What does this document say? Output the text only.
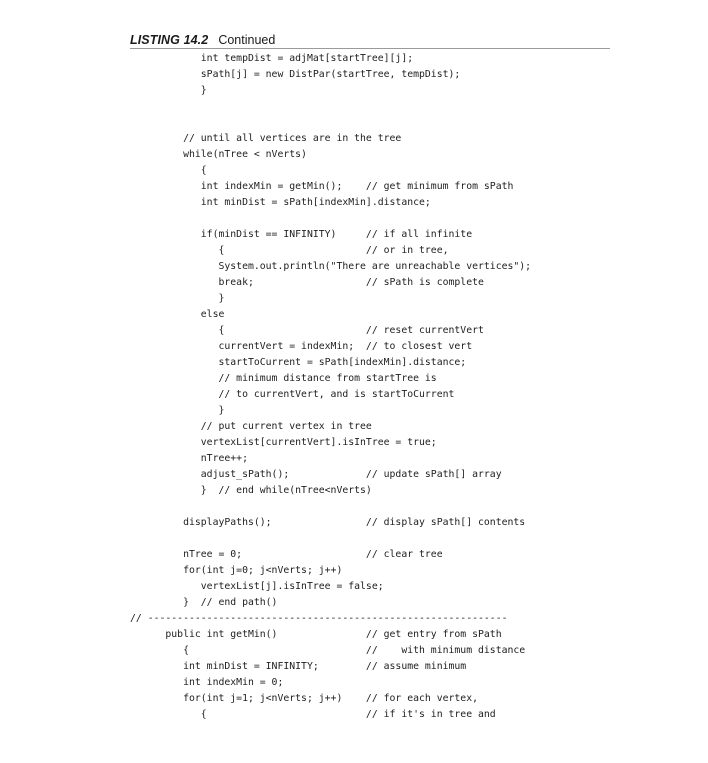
LISTING 14.2 Continued
int tempDist = adjMat[startTree][j];
sPath[j] = new DistPar(startTree, tempDist);
}
// until all vertices are in the tree
while(nTree < nVerts)
{
int indexMin = getMin();    // get minimum from sPath
int minDist = sPath[indexMin].distance;
if(minDist == INFINITY)     // if all infinite
{                        // or in tree,
System.out.println("There are unreachable vertices");
break;                   // sPath is complete
}
else
{                        // reset currentVert
currentVert = indexMin;  // to closest vert
startToCurrent = sPath[indexMin].distance;
// minimum distance from startTree is
// to currentVert, and is startToCurrent
}
// put current vertex in tree
vertexList[currentVert].isInTree = true;
nTree++;
adjust_sPath();             // update sPath[] array
}  // end while(nTree<nVerts)
displayPaths();                // display sPath[] contents
nTree = 0;                     // clear tree
for(int j=0; j<nVerts; j++)
vertexList[j].isInTree = false;
}  // end path()
// -------------------------------------------------------------
public int getMin()               // get entry from sPath
{                              //    with minimum distance
int minDist = INFINITY;        // assume minimum
int indexMin = 0;
for(int j=1; j<nVerts; j++)    // for each vertex,
{                           // if it's in tree and
